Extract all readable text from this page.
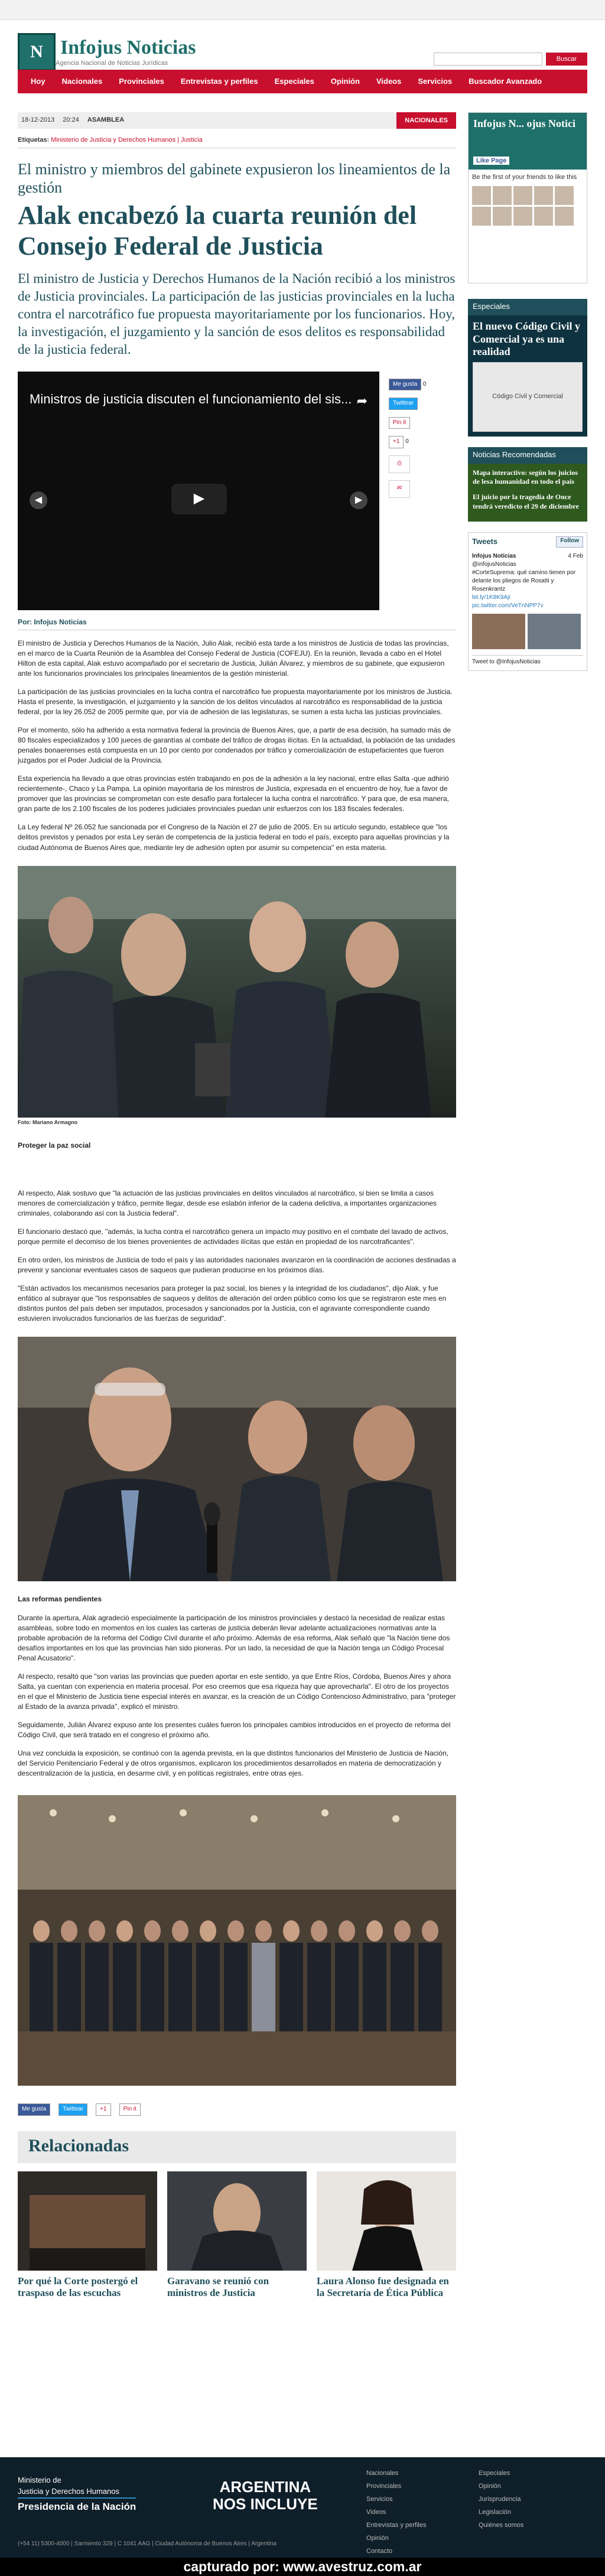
N Infojus Noticias
Agencia Nacional de Noticias Jurídicas
Buscar
Hoy	Nacionales	Provinciales	Entrevistas y perfiles	Especiales	Opinión	Videos	Servicios	Buscador Avanzado
18-12-2013 20:24 ASAMBLEA	NACIONALES
Etiquetas: Ministerio de Justicia y Derechos Humanos | Justicia
El ministro y miembros del gabinete expusieron los lineamientos de la gestión
Alak encabezó la cuarta reunión del Consejo Federal de Justicia

El ministro de Justicia y Derechos Humanos de la Nación recibió a los ministros de Justicia provinciales. La participación de las justicias provinciales en la lucha contra el narcotráfico fue propuesta mayoritariamente por los funcionarios. Hoy, la investigación, el juzgamiento y la sanción de esos delitos es responsabilidad de la justicia federal.

Ministros de justicia discuten el funcionamiento del sis... ➦
◀	▶	▶
Me gusta 0
Twittear
Pin it
+1 0
⎙
✉
Por: Infojus Noticias

El ministro de Justicia y Derechos Humanos de la Nación, Julio Alak, recibió esta tarde a los ministros de Justicia de todas las provincias, en el marco de la Cuarta Reunión de la Asamblea del Consejo Federal de Justicia (COFEJU). En la reunión, llevada a cabo en el Hotel Hilton de esta capital, Alak estuvo acompañado por el secretario de Justicia, Julián Álvarez, y miembros de su gabinete, que expusieron ante los funcionarios provinciales los principales lineamientos de la gestión ministerial.

La participación de las justicias provinciales en la lucha contra el narcotráfico fue propuesta mayoritariamente por los ministros de Justicia. Hasta el presente, la investigación, el juzgamiento y la sanción de los delitos vinculados al narcotráfico es responsabilidad de la justicia federal, por la ley 26.052 de 2005 permite que, por vía de adhesión de las legislaturas, se sumen a esta lucha las justicias provinciales.

Por el momento, sólo ha adherido a esta normativa federal la provincia de Buenos Aires, que, a partir de esa decisión, ha sumado más de 80 fiscales especializados y 100 jueces de garantías al combate del tráfico de drogas ilícitas. En la actualidad, la población de las unidades penales bonaerenses está compuesta en un 10 por ciento por condenados por tráfico y comercialización de estupefacientes que fueron juzgados por el Poder Judicial de la Provincia.

Esta experiencia ha llevado a que otras provincias estén trabajando en pos de la adhesión a la ley nacional, entre ellas Salta -que adhirió recientemente-, Chaco y La Pampa. La opinión mayoritaria de los ministros de Justicia, expresada en el encuentro de hoy, fue a favor de promover que las provincias se comprometan con este desafío para fortalecer la lucha contra el narcotráfico. Y para que, de esa manera, gran parte de los 2.100 fiscales de los poderes judiciales provinciales puedan unir esfuerzos con los 183 fiscales federales.

La Ley federal Nº 26.052 fue sancionada por el Congreso de la Nación el 27 de julio de 2005. En su artículo segundo, establece que "los delitos previstos y penados por esta Ley serán de competencia de la justicia federal en todo el país, excepto para aquellas provincias y la ciudad Autónoma de Buenos Aires que, mediante ley de adhesión opten por asumir su competencia" en esta materia.

Foto: Mariano Armagno
Proteger la paz social

Al respecto, Alak sostuvo que "la actuación de las justicias provinciales en delitos vinculados al narcotráfico, si bien se limita a casos menores de comercialización y tráfico, permite llegar, desde ese eslabón inferior de la cadena delictiva, a importantes organizaciones criminales, colaborando así con la Justicia federal".

El funcionario destacó que, "además, la lucha contra el narcotráfico genera un impacto muy positivo en el combate del lavado de activos, porque permite el decomiso de los bienes provenientes de actividades ilícitas que están en propiedad de los narcotraficantes".

En otro orden, los ministros de Justicia de todo el país y las autoridades nacionales avanzaron en la coordinación de acciones destinadas a prevenir y sancionar eventuales casos de saqueos que pudieran producirse en los próximos días.

"Están activados los mecanismos necesarios para proteger la paz social, los bienes y la integridad de los ciudadanos", dijo Alak, y fue enfático al subrayar que "los responsables de saqueos y delitos de alteración del orden público como los que se registraron este mes en distintos puntos del país deben ser imputados, procesados y sancionados por la Justicia, con el agravante correspondiente cuando estuvieren involucrados funcionarios de las fuerzas de seguridad".

Las reformas pendientes

Durante la apertura, Alak agradeció especialmente la participación de los ministros provinciales y destacó la necesidad de realizar estas asambleas, sobre todo en momentos en los cuales las carteras de justicia deberán llevar adelante actualizaciones normativas ante la probable aprobación de la reforma del Código Civil durante el año próximo. Además de esa reforma, Alak señaló que "la Nación tiene dos desafíos importantes en los que las provincias han sido pioneras. Por un lado, la necesidad de que la Nación tenga un Código Procesal Penal Acusatorio".

Al respecto, resaltó que "son varias las provincias que pueden aportar en este sentido, ya que Entre Ríos, Córdoba, Buenos Aires y ahora Salta, ya cuentan con experiencia en materia procesal. Por eso creemos que esa riqueza hay que aprovecharla". El otro de los proyectos en el que el Ministerio de Justicia tiene especial interés en avanzar, es la creación de un Código Contencioso Administrativo, para "proteger al Estado de la avanza privada", explicó el ministro.

Seguidamente, Julián Álvarez expuso ante los presentes cuáles fueron los principales cambios introducidos en el proyecto de reforma del Código Civil, que será tratado en el congreso el próximo año.

Una vez concluida la exposición, se continuó con la agenda prevista, en la que distintos funcionarios del Ministerio de Justicia de Nación, del Servicio Penitenciario Federal y de otros organismos, explicaron los procedimientos desarrollados en materia de democratización y descentralización de la justicia, en desarme civil, y en políticas registrales, entre otras ejes.

Me gusta	Twittear	+1	Pin it
Relacionadas
Por qué la Corte postergó el traspaso de las escuchas
Garavano se reunió con ministros de Justicia
Laura Alonso fue designada en la Secretaría de Ética Pública
Infojus N... ojus Notici
Like Page
Be the first of your friends to like this
Especiales
El nuevo Código Civil y Comercial ya es una realidad
Código Civil y Comercial
Noticias Recomendadas

Mapa interactivo: según los juicios de lesa humanidad en todo el país

El juicio por la tragedia de Once tendrá veredicto el 29 de diciembre

Tweets	Follow
Infojus Noticias	4 Feb

@infojusNoticias
#CorteSuprema: qué camino tienen por delante los pliegos de Rosatti y Rosenkrantz
bit.ly/1K8K9AjI pic.twitter.com/VeTnNPP7v
Tweet to @InfojusNoticias
Ministerio de
Justicia y Derechos Humanos
Presidencia de la Nación
ARGENTINA
NOS INCLUYE
Nacionales
Provinciales
Servicios
Videos
Entrevistas y perfiles
Opinión
Contacto
Especiales
Opinión
Jurisprudencia
Legislación
Quiénes somos
(+54 11) 5300-4000 | Sarmiento 329 | C 1041 AAG | Ciudad Autónoma de Buenos Aires | Argentina
capturado por: www.avestruz.com.ar
